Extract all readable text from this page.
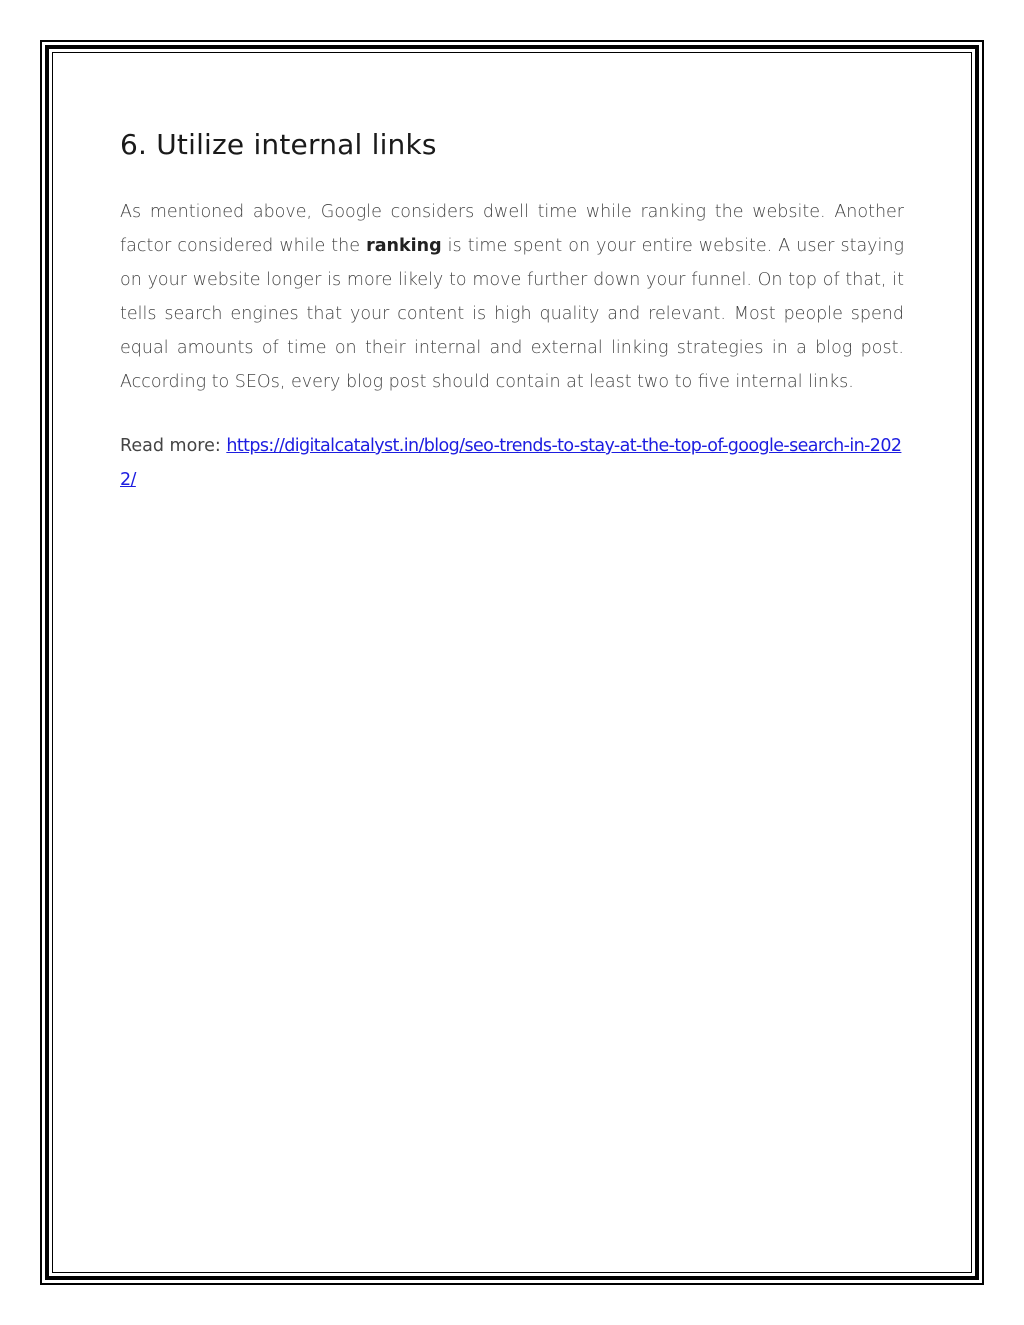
6. Utilize internal links

As mentioned above, Google considers dwell time while ranking the website. Another factor considered while the ranking is time spent on your entire website. A user staying on your website longer is more likely to move further down your funnel. On top of that, it tells search engines that your content is high quality and relevant. Most people spend equal amounts of time on their internal and external linking strategies in a blog post. According to SEOs, every blog post should contain at least two to five internal links.

Read more: https://digitalcatalyst.in/blog/seo-trends-to-stay-at-the-top-of-google-search-in-2022/
